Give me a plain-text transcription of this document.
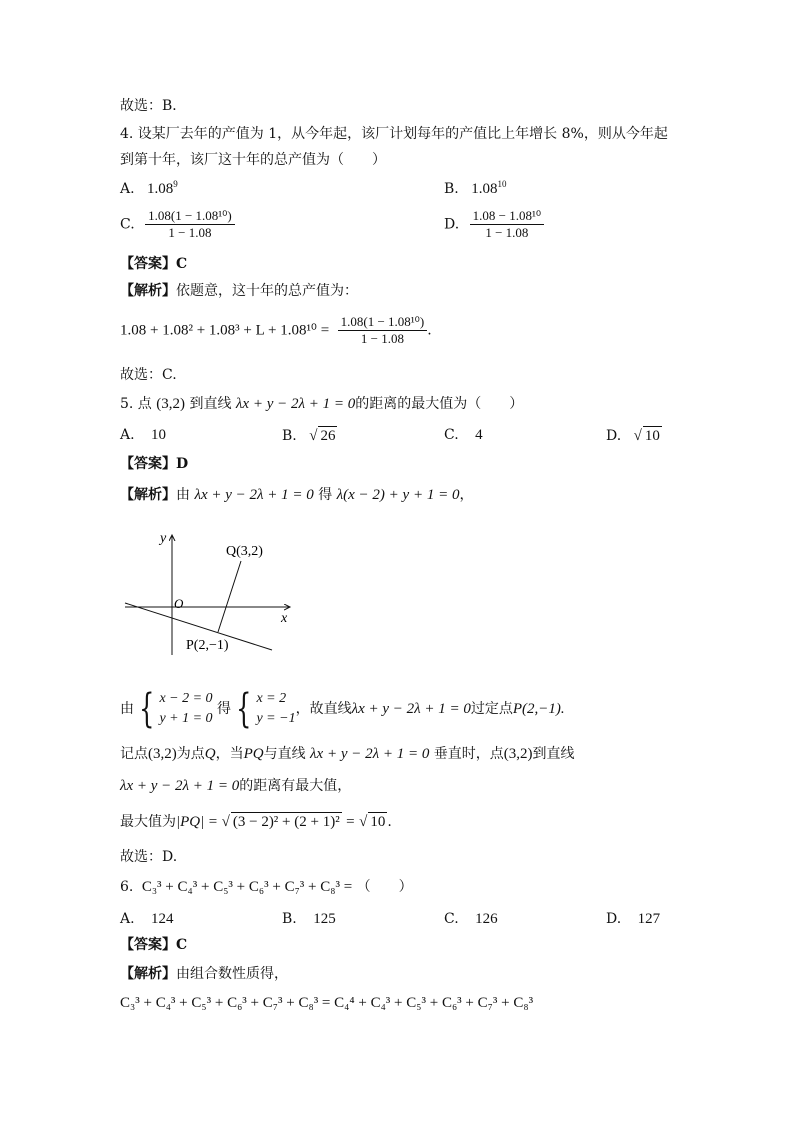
故选：B．
4. 设某厂去年的产值为 1，从今年起，该厂计划每年的产值比上年增长 8%，则从今年起
到第十年，该厂这十年的总产值为（　　）
A. 1.08$^9$	B. 1.08$^{10}$
C. $\frac{\text{1.08(1 − 1.08¹⁰)}}{1 - 1.08}$	D. $\frac{\text{1.08 − 1.08¹⁰}}{1 - 1.08}$
【答案】C
【解析】依题意，这十年的总产值为：
$1.08 + 1.08^2 + 1.08^3 + L + 1.08^{10} = \frac{\text{1.08(1 − 1.08¹⁰)}}{1 - 1.08}$ .
故选：C.
5. 点 (3,2) 到直线 λx + y − 2λ + 1 = 0的距离的最大值为（　　）
A. 10	B. √ 26	C. 4	D. √ 10
【答案】D
【解析】由 λx + y − 2λ + 1 = 0 得 λ(x − 2) + y + 1 = 0，
y
x
O
Q(3,2)
P(2,−1)
由 { x − 2 = 0
y + 1 = 0
得 { x = 2
y = −1
，故直线λx + y − 2λ + 1 = 0过定点P(2,−1).
记点(3,2)为点Q，当PQ与直线 λx + y − 2λ + 1 = 0 垂直时，点(3,2)到直线
λx + y − 2λ + 1 = 0的距离有最大值，
最大值为|PQ| = √ (3 − 2)² + (2 + 1)² = √ 10 .
故选：D.
6. C₃³ + C₄³ + C₅³ + C₆³ + C₇³ + C₈³ = （　　）
A. 124	B. 125	C. 126	D. 127
【答案】C
【解析】由组合数性质得，
C₃³ + C₄³ + C₅³ + C₆³ + C₇³ + C₈³ = C₄⁴ + C₄³ + C₅³ + C₆³ + C₇³ + C₈³
